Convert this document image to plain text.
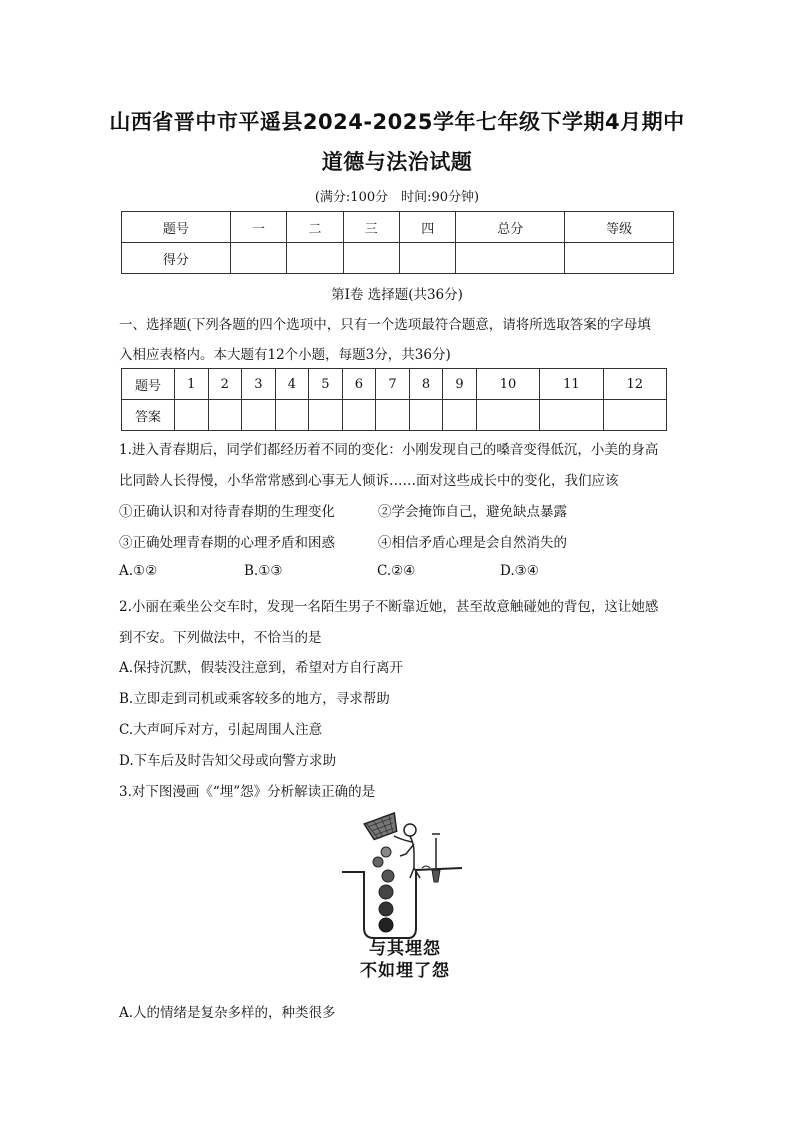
山西省晋中市平遥县2024-2025学年七年级下学期4月期中
道德与法治试题
(满分:100分　时间:90分钟)
题号	一	二	三	四	总分	等级
得分						
第Ⅰ卷 选择题(共36分)
一、选择题(下列各题的四个选项中，只有一个选项最符合题意，请将所选取答案的字母填
入相应表格内。本大题有12个小题，每题3分，共36分)
题号	1	2	3	4	5	6	7	8	9	10	11	12
答案												
1.进入青春期后，同学们都经历着不同的变化：小刚发现自己的嗓音变得低沉，小美的身高
比同龄人长得慢，小华常常感到心事无人倾诉……面对这些成长中的变化，我们应该
①正确认识和对待青春期的生理变化	②学会掩饰自己，避免缺点暴露
③正确处理青春期的心理矛盾和困惑	④相信矛盾心理是会自然消失的
A.①②	B.①③	C.②④	D.③④
2.小丽在乘坐公交车时，发现一名陌生男子不断靠近她，甚至故意触碰她的背包，这让她感
到不安。下列做法中，不恰当的是
A.保持沉默，假装没注意到，希望对方自行离开
B.立即走到司机或乘客较多的地方，寻求帮助
C.大声呵斥对方，引起周围人注意
D.下车后及时告知父母或向警方求助
3.对下图漫画《“埋”怨》分析解读正确的是
与其埋怨
不如埋了怨
A.人的情绪是复杂多样的，种类很多
